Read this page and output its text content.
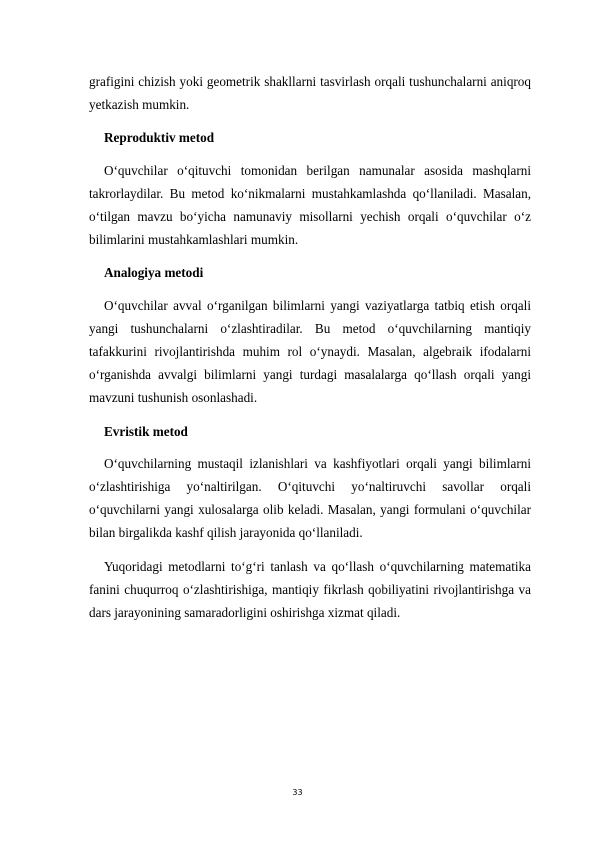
grafigini chizish yoki geometrik shakllarni tasvirlash orqali tushunchalarni aniqroq yetkazish mumkin.

Reproduktiv metod

O‘quvchilar o‘qituvchi tomonidan berilgan namunalar asosida mashqlarni takrorlaydilar. Bu metod ko‘nikmalarni mustahkamlashda qo‘llaniladi. Masalan, o‘tilgan mavzu bo‘yicha namunaviy misollarni yechish orqali o‘quvchilar o‘z bilimlarini mustahkamlashlari mumkin.

Analogiya metodi

O‘quvchilar avval o‘rganilgan bilimlarni yangi vaziyatlarga tatbiq etish orqali yangi tushunchalarni o‘zlashtiradilar. Bu metod o‘quvchilarning mantiqiy tafakkurini rivojlantirishda muhim rol o‘ynaydi. Masalan, algebraik ifodalarni o‘rganishda avvalgi bilimlarni yangi turdagi masalalarga qo‘llash orqali yangi mavzuni tushunish osonlashadi.

Evristik metod

O‘quvchilarning mustaqil izlanishlari va kashfiyotlari orqali yangi bilimlarni o‘zlashtirishiga yo‘naltirilgan. O‘qituvchi yo‘naltiruvchi savollar orqali o‘quvchilarni yangi xulosalarga olib keladi. Masalan, yangi formulani o‘quvchilar bilan birgalikda kashf qilish jarayonida qo‘llaniladi.

Yuqoridagi metodlarni to‘g‘ri tanlash va qo‘llash o‘quvchilarning matematika fanini chuqurroq o‘zlashtirishiga, mantiqiy fikrlash qobiliyatini rivojlantirishga va dars jarayonining samaradorligini oshirishga xizmat qiladi.

33
